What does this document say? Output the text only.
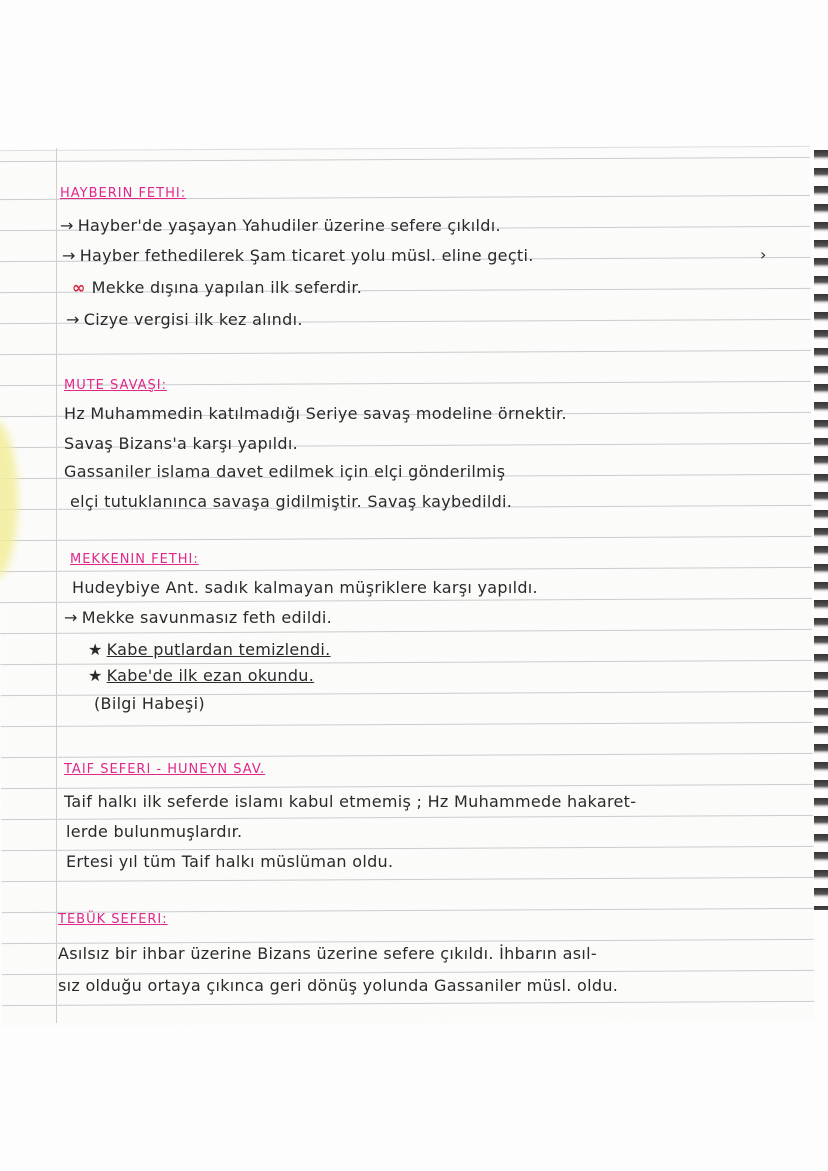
›
HAYBERIN FETHI:
→ Hayber'de yaşayan Yahudiler üzerine sefere çıkıldı.
→ Hayber fethedilerek Şam ticaret yolu müsl. eline geçti.
∞ Mekke dışına yapılan ilk seferdir.
→ Cizye vergisi ilk kez alındı.
MUTE SAVAŞI:
Hz Muhammedin katılmadığı Seriye savaş modeline örnektir.
Savaş Bizans'a karşı yapıldı.
Gassaniler islama davet edilmek için elçi gönderilmiş
elçi tutuklanınca savaşa gidilmiştir. Savaş kaybedildi.
MEKKENIN FETHI:
Hudeybiye Ant. sadık kalmayan müşriklere karşı yapıldı.
→ Mekke savunmasız feth edildi.
★ Kabe putlardan temizlendi.
★ Kabe'de ilk ezan okundu.
(Bilgi Habeşi)
TAIF SEFERI - HUNEYN SAV.
Taif halkı ilk seferde islamı kabul etmemiş ; Hz Muhammede hakaret-
lerde bulunmuşlardır.
Ertesi yıl tüm Taif halkı müslüman oldu.
TEBÜK SEFERI:
Asılsız bir ihbar üzerine Bizans üzerine sefere çıkıldı. İhbarın asıl-
sız olduğu ortaya çıkınca geri dönüş yolunda Gassaniler müsl. oldu.
